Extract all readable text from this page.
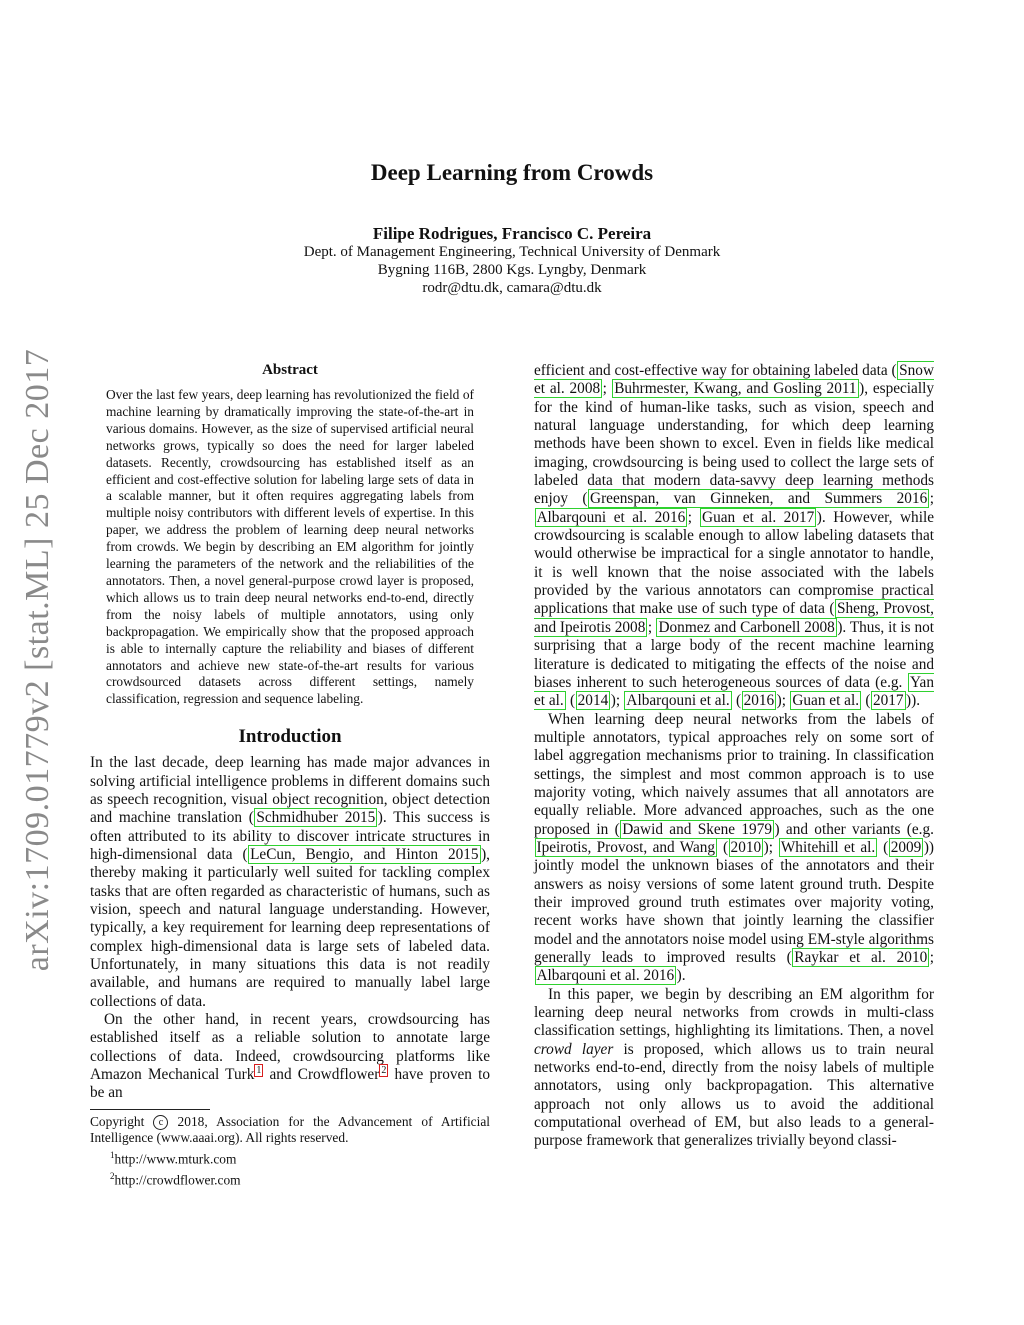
arXiv:1709.01779v2 [stat.ML] 25 Dec 2017
Deep Learning from Crowds
Filipe Rodrigues, Francisco C. Pereira
Dept. of Management Engineering, Technical University of Denmark
Bygning 116B, 2800 Kgs. Lyngby, Denmark
rodr@dtu.dk, camara@dtu.dk
Abstract
Over the last few years, deep learning has revolutionized the field of machine learning by dramatically improving the state-of-the-art in various domains. However, as the size of supervised artificial neural networks grows, typically so does the need for larger labeled datasets. Recently, crowdsourcing has established itself as an efficient and cost-effective solution for labeling large sets of data in a scalable manner, but it often requires aggregating labels from multiple noisy contributors with different levels of expertise. In this paper, we address the problem of learning deep neural networks from crowds. We begin by describing an EM algorithm for jointly learning the parameters of the network and the reliabilities of the annotators. Then, a novel general-purpose crowd layer is proposed, which allows us to train deep neural networks end-to-end, directly from the noisy labels of multiple annotators, using only backpropagation. We empirically show that the proposed approach is able to internally capture the reliability and biases of different annotators and achieve new state-of-the-art results for various crowdsourced datasets across different settings, namely classification, regression and sequence labeling.
Introduction

In the last decade, deep learning has made major advances in solving artificial intelligence problems in different domains such as speech recognition, visual object recognition, object detection and machine translation ( Schmidhuber 2015 ). This success is often attributed to its ability to discover intricate structures in high-dimensional data ( LeCun, Bengio, and Hinton 2015 ), thereby making it particularly well suited for tackling complex tasks that are often regarded as characteristic of humans, such as vision, speech and natural language understanding. However, typically, a key requirement for learning deep representations of complex high-dimensional data is large sets of labeled data. Unfortunately, in many situations this data is not readily available, and humans are required to manually label large collections of data.

On the other hand, in recent years, crowdsourcing has established itself as a reliable solution to annotate large collections of data. Indeed, crowdsourcing platforms like Amazon Mechanical Turk $^1$ and Crowdflower $^2$ have proven to be an

Copyright c 2018, Association for the Advancement of Artificial Intelligence (www.aaai.org). All rights reserved.
$^1$http://www.mturk.com
$^2$http://crowdflower.com

efficient and cost-effective way for obtaining labeled data ( Snow et al. 2008 ; Buhrmester, Kwang, and Gosling 2011 ), especially for the kind of human-like tasks, such as vision, speech and natural language understanding, for which deep learning methods have been shown to excel. Even in fields like medical imaging, crowdsourcing is being used to collect the large sets of labeled data that modern data-savvy deep learning methods enjoy ( Greenspan, van Ginneken, and Summers 2016 ; Albarqouni et al. 2016 ; Guan et al. 2017 ). However, while crowdsourcing is scalable enough to allow labeling datasets that would otherwise be impractical for a single annotator to handle, it is well known that the noise associated with the labels provided by the various annotators can compromise practical applications that make use of such type of data ( Sheng, Provost, and Ipeirotis 2008 ; Donmez and Carbonell 2008 ). Thus, it is not surprising that a large body of the recent machine learning literature is dedicated to mitigating the effects of the noise and biases inherent to such heterogeneous sources of data (e.g. Yan et al. ( 2014 ); Albarqouni et al. ( 2016 ); Guan et al. ( 2017 )).

When learning deep neural networks from the labels of multiple annotators, typical approaches rely on some sort of label aggregation mechanisms prior to training. In classification settings, the simplest and most common approach is to use majority voting, which naively assumes that all annotators are equally reliable. More advanced approaches, such as the one proposed in ( Dawid and Skene 1979 ) and other variants (e.g. Ipeirotis, Provost, and Wang ( 2010 ); Whitehill et al. ( 2009 )) jointly model the unknown biases of the annotators and their answers as noisy versions of some latent ground truth. Despite their improved ground truth estimates over majority voting, recent works have shown that jointly learning the classifier model and the annotators noise model using EM-style algorithms generally leads to improved results ( Raykar et al. 2010 ; Albarqouni et al. 2016 ).

In this paper, we begin by describing an EM algorithm for learning deep neural networks from crowds in multi-class classification settings, highlighting its limitations. Then, a novel crowd layer is proposed, which allows us to train neural networks end-to-end, directly from the noisy labels of multiple annotators, using only backpropagation. This alternative approach not only allows us to avoid the additional computational overhead of EM, but also leads to a general-purpose framework that generalizes trivially beyond classi-
